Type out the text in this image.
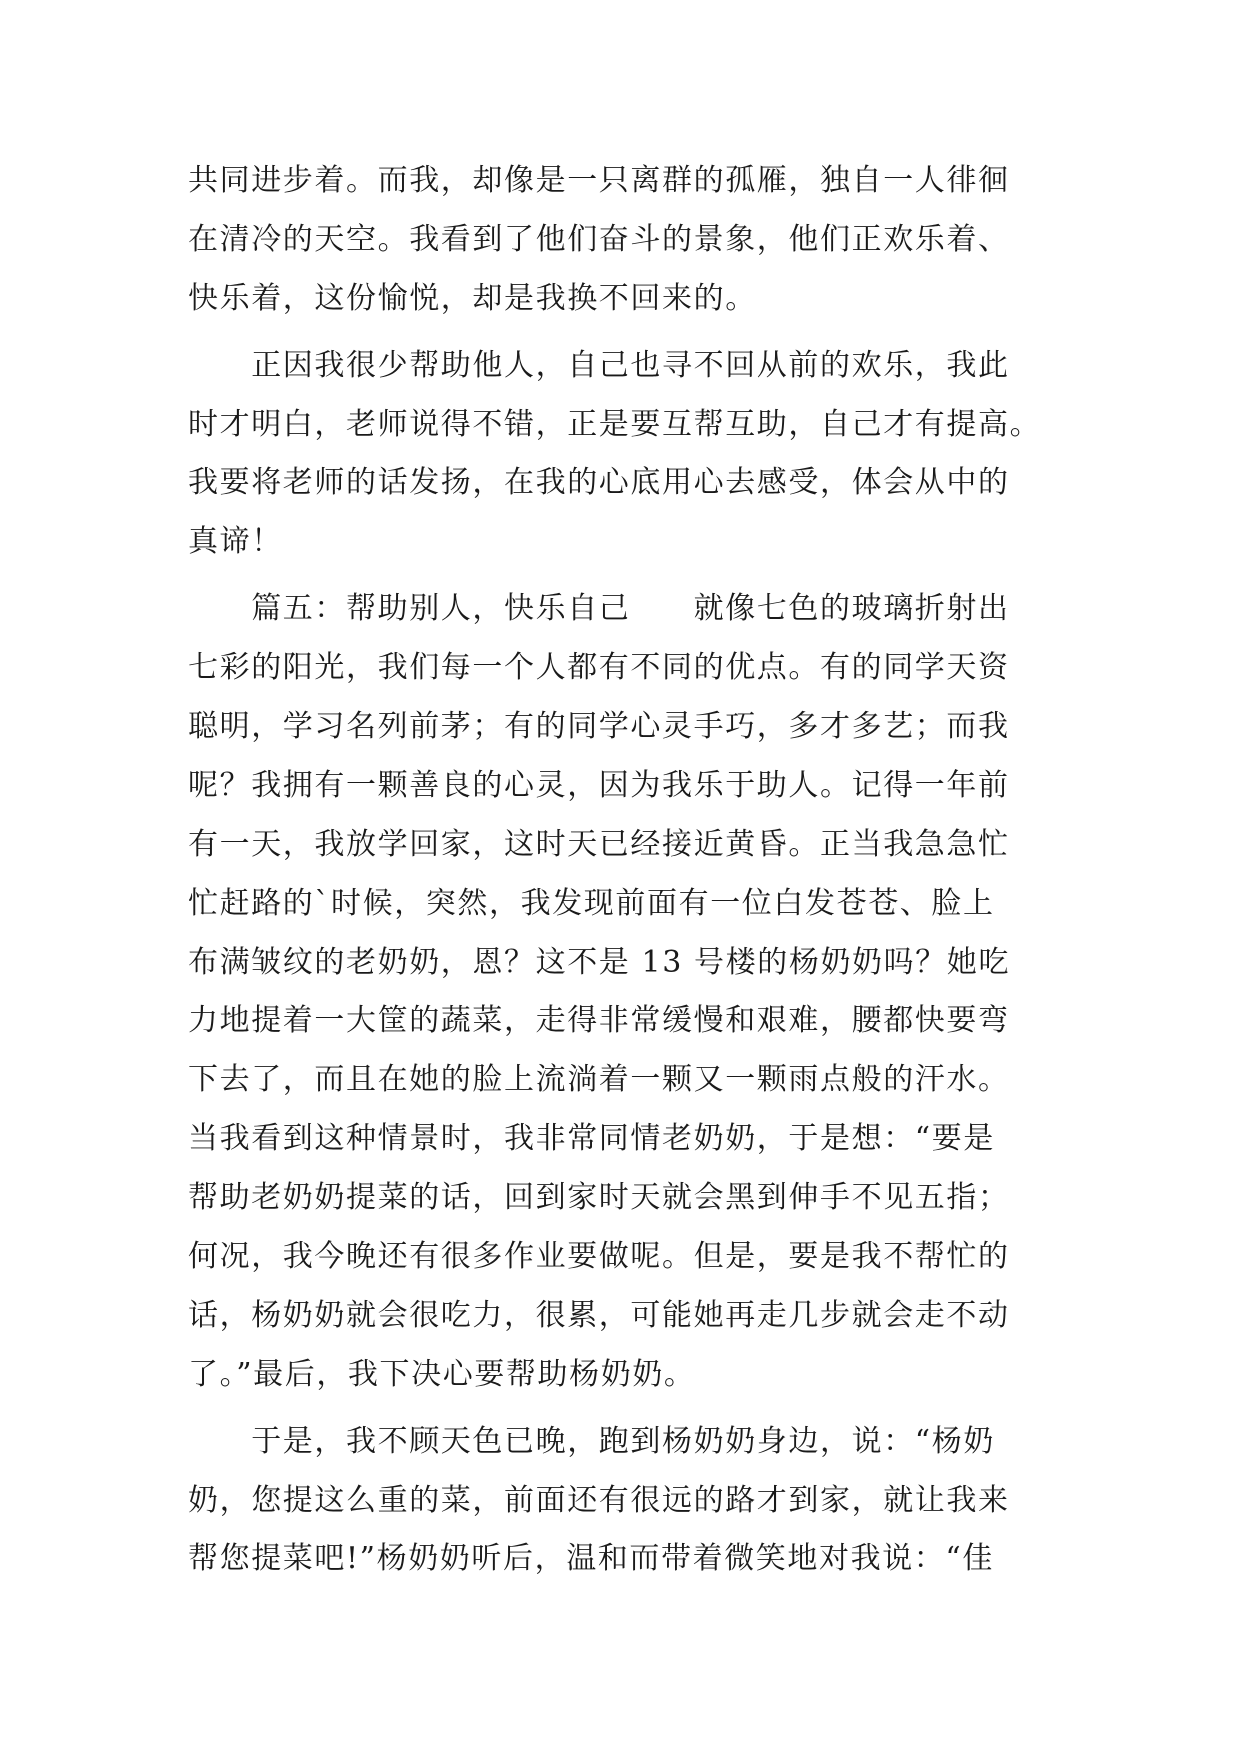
共同进步着。而我，却像是一只离群的孤雁，独自一人徘徊
在清冷的天空。我看到了他们奋斗的景象，他们正欢乐着、
快乐着，这份愉悦，却是我换不回来的。
　　正因我很少帮助他人，自己也寻不回从前的欢乐，我此
时才明白，老师说得不错，正是要互帮互助，自己才有提高。
我要将老师的话发扬，在我的心底用心去感受，体会从中的
真谛！
　　篇五：帮助别人，快乐自己　　就像七色的玻璃折射出
七彩的阳光，我们每一个人都有不同的优点。有的同学天资
聪明，学习名列前茅；有的同学心灵手巧，多才多艺；而我
呢？我拥有一颗善良的心灵，因为我乐于助人。记得一年前
有一天，我放学回家，这时天已经接近黄昏。正当我急急忙
忙赶路的`时候，突然，我发现前面有一位白发苍苍、脸上
布满皱纹的老奶奶，恩？这不是 13 号楼的杨奶奶吗？她吃
力地提着一大筐的蔬菜，走得非常缓慢和艰难，腰都快要弯
下去了，而且在她的脸上流淌着一颗又一颗雨点般的汗水。
当我看到这种情景时，我非常同情老奶奶，于是想：“要是
帮助老奶奶提菜的话，回到家时天就会黑到伸手不见五指；
何况，我今晚还有很多作业要做呢。但是，要是我不帮忙的
话，杨奶奶就会很吃力，很累，可能她再走几步就会走不动
了。”最后，我下决心要帮助杨奶奶。
　　于是，我不顾天色已晚，跑到杨奶奶身边，说：“杨奶
奶，您提这么重的菜，前面还有很远的路才到家，就让我来
帮您提菜吧!”杨奶奶听后，温和而带着微笑地对我说：“佳
